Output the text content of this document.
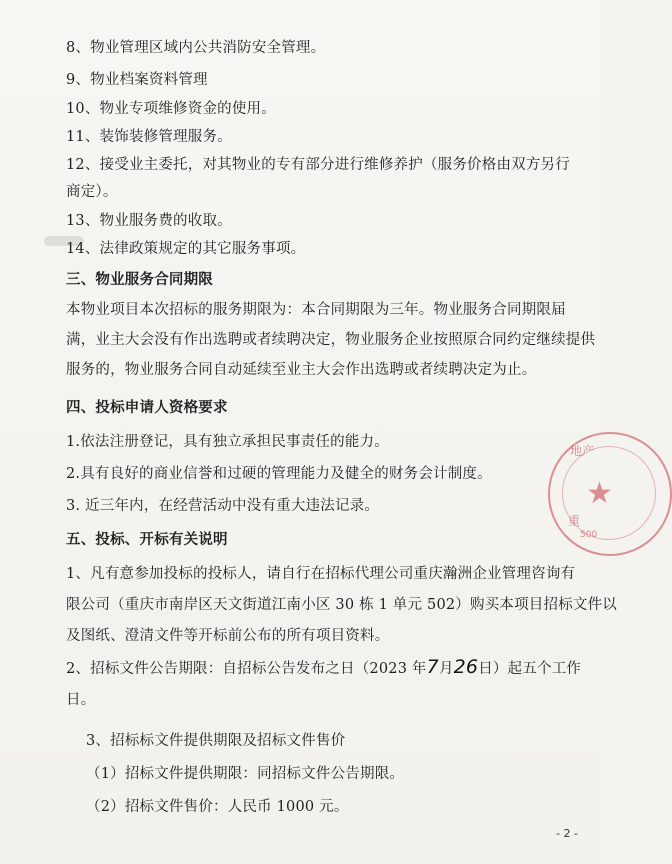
8、物业管理区域内公共消防安全管理。
9、物业档案资料管理
10、物业专项维修资金的使用。
11、装饰装修管理服务。
12、接受业主委托，对其物业的专有部分进行维修养护（服务价格由双方另行
商定）。
13、物业服务费的收取。
14、法律政策规定的其它服务事项。
三、物业服务合同期限
本物业项目本次招标的服务期限为：本合同期限为三年。物业服务合同期限届
满，业主大会没有作出选聘或者续聘决定，物业服务企业按照原合同约定继续提供
服务的，物业服务合同自动延续至业主大会作出选聘或者续聘决定为止。
四、投标申请人资格要求
1.依法注册登记，具有独立承担民事责任的能力。
2.具有良好的商业信誉和过硬的管理能力及健全的财务会计制度。
3. 近三年内，在经营活动中没有重大违法记录。
五、投标、开标有关说明
1、凡有意参加投标的投标人，请自行在招标代理公司重庆瀚洲企业管理咨询有
限公司（重庆市南岸区天文街道江南小区 30 栋 1 单元 502）购买本项目招标文件以
及图纸、澄清文件等开标前公布的所有项目资料。
2、招标文件公告期限：自招标公告发布之日（2023 年7月26日）起五个工作
日。
3、招标标文件提供期限及招标文件售价
（1）招标文件提供期限：同招标文件公告期限。
（2）招标文件售价：人民币 1000 元。
★
地产
重
500
- 2 -
